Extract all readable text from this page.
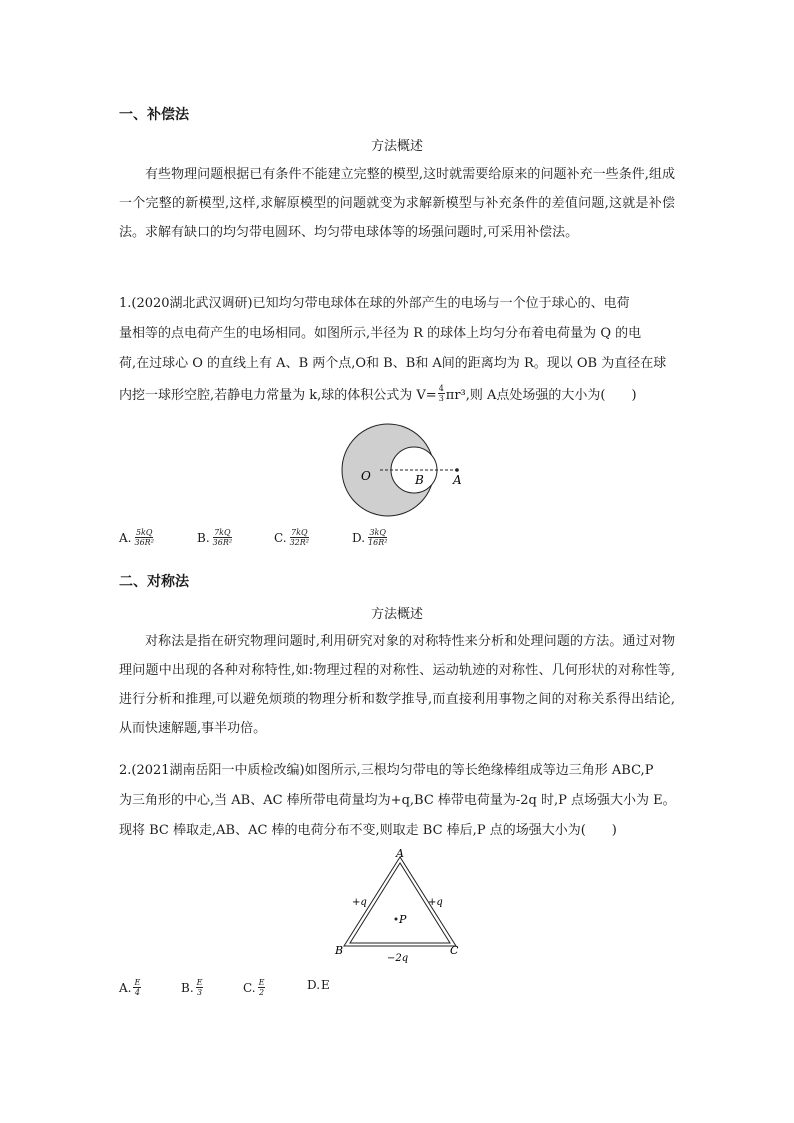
一、补偿法
方法概述

有些物理问题根据已有条件不能建立完整的模型,这时就需要给原来的问题补充一些条件,组成一个完整的新模型,这样,求解原模型的问题就变为求解新模型与补充条件的差值问题,这就是补偿法。求解有缺口的均匀带电圆环、均匀带电球体等的场强问题时,可采用补偿法。

1.(2020湖北武汉调研)已知均匀带电球体在球的外部产生的电场与一个位于球心的、电荷
量相等的点电荷产生的电场相同。如图所示,半径为 R 的球体上均匀分布着电荷量为 Q 的电
荷,在过球心 O 的直线上有 A、B 两个点,O和 B、B和 A间的距离均为 R。现以 OB 为直径在球
内挖一球形空腔,若静电力常量为 k,球的体积公式为 $V= \frac{4}{3} \pi r^3$,则 A点处场强的大小为(　　)
O	B A
A. $\frac{5kQ}{\text{36R²}}$	B. $\frac{7kQ}{\text{36R²}}$	C. $\frac{7kQ}{\text{32R²}}$	D. $\frac{3kQ}{\text{16R²}}$
二、对称法
方法概述

对称法是指在研究物理问题时,利用研究对象的对称特性来分析和处理问题的方法。通过对物理问题中出现的各种对称特性,如:物理过程的对称性、运动轨迹的对称性、几何形状的对称性等,进行分析和推理,可以避免烦琐的物理分析和数学推导,而直接利用事物之间的对称关系得出结论,从而快速解题,事半功倍。

2.(2021湖南岳阳一中质检改编)如图所示,三根均匀带电的等长绝缘棒组成等边三角形 ABC,P
为三角形的中心,当 AB、AC 棒所带电荷量均为+q,BC 棒带电荷量为-2q 时,P 点场强大小为 E。
现将 BC 棒取走,AB、AC 棒的电荷分布不变,则取走 BC 棒后,P 点的场强大小为(　　)
A
B	C
P
+q	+q
−2q
A. $\frac{E}{4}$	B. $\frac{E}{3}$	C. $\frac{E}{2}$	D. E
